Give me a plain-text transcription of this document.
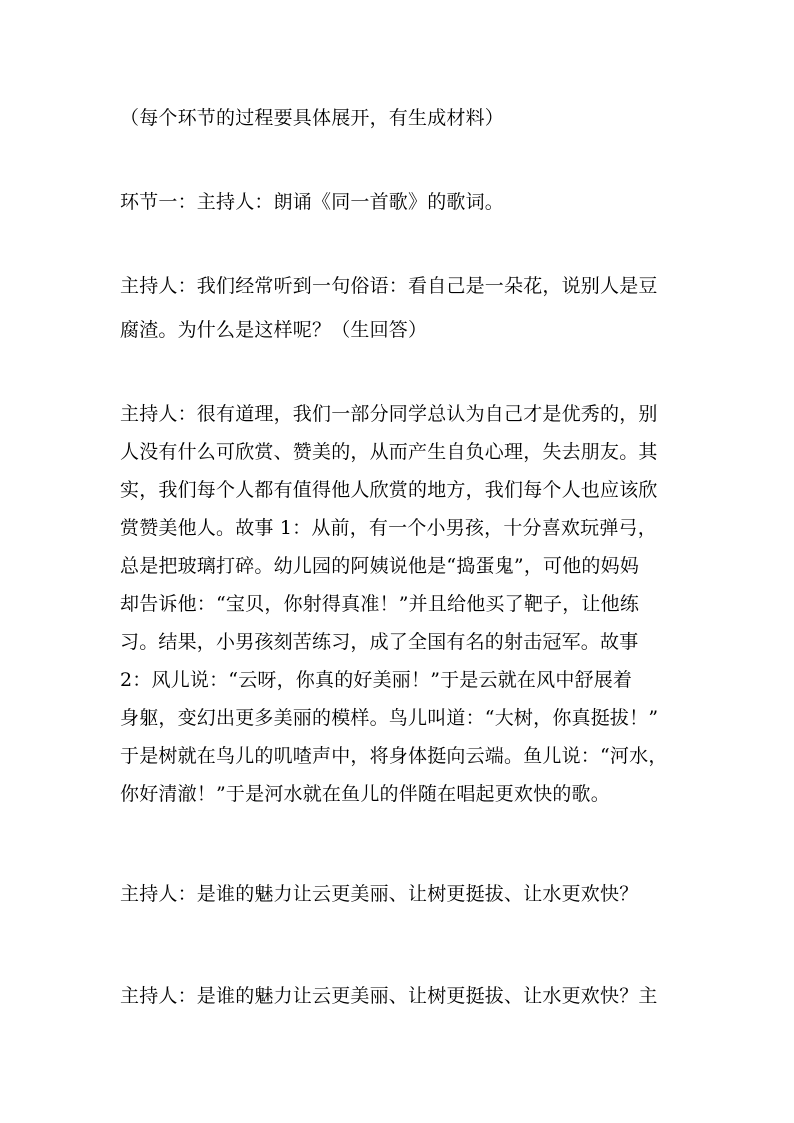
（每个环节的过程要具体展开，有生成材料）
环节一：主持人：朗诵《同一首歌》的歌词。
主持人：我们经常听到一句俗语：看自己是一朵花，说别人是豆
腐渣。为什么是这样呢？（生回答）
主持人：很有道理，我们一部分同学总认为自己才是优秀的，别
人没有什么可欣赏、赞美的，从而产生自负心理，失去朋友。其
实，我们每个人都有值得他人欣赏的地方，我们每个人也应该欣
赏赞美他人。故事 1：从前，有一个小男孩，十分喜欢玩弹弓，
总是把玻璃打碎。幼儿园的阿姨说他是“捣蛋鬼”，可他的妈妈
却告诉他：“宝贝，你射得真准！”并且给他买了靶子，让他练
习。结果，小男孩刻苦练习，成了全国有名的射击冠军。故事
2：风儿说：“云呀，你真的好美丽！”于是云就在风中舒展着
身躯，变幻出更多美丽的模样。鸟儿叫道：“大树，你真挺拔！”
于是树就在鸟儿的叽喳声中，将身体挺向云端。鱼儿说：“河水，
你好清澈！”于是河水就在鱼儿的伴随在唱起更欢快的歌。
主持人：是谁的魅力让云更美丽、让树更挺拔、让水更欢快？
主持人：是谁的魅力让云更美丽、让树更挺拔、让水更欢快？主
